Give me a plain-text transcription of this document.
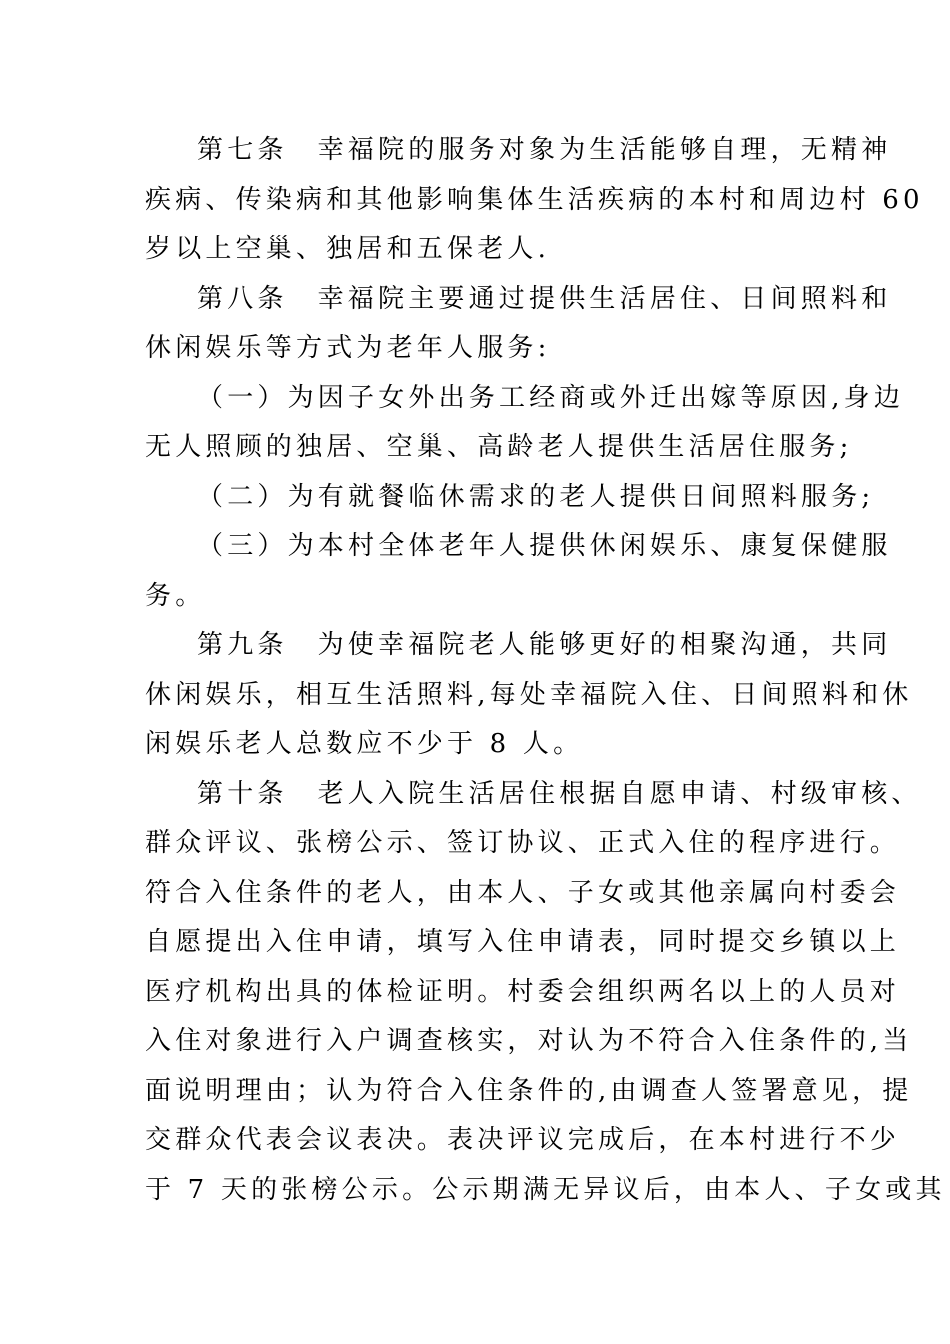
第七条 幸福院的服务对象为生活能够自理，无精神
疾病、传染病和其他影响集体生活疾病的本村和周边村 60
岁以上空巢、独居和五保老人.
第八条 幸福院主要通过提供生活居住、日间照料和
休闲娱乐等方式为老年人服务:
（一）为因子女外出务工经商或外迁出嫁等原因,身边
无人照顾的独居、空巢、高龄老人提供生活居住服务;
（二）为有就餐临休需求的老人提供日间照料服务;
（三）为本村全体老年人提供休闲娱乐、康复保健服
务。
第九条 为使幸福院老人能够更好的相聚沟通，共同
休闲娱乐，相互生活照料,每处幸福院入住、日间照料和休
闲娱乐老人总数应不少于 8 人。
第十条 老人入院生活居住根据自愿申请、村级审核、
群众评议、张榜公示、签订协议、正式入住的程序进行。
符合入住条件的老人，由本人、子女或其他亲属向村委会
自愿提出入住申请，填写入住申请表，同时提交乡镇以上
医疗机构出具的体检证明。村委会组织两名以上的人员对
入住对象进行入户调查核实，对认为不符合入住条件的,当
面说明理由；认为符合入住条件的,由调查人签署意见，提
交群众代表会议表决。表决评议完成后，在本村进行不少
于 7 天的张榜公示。公示期满无异议后，由本人、子女或其
